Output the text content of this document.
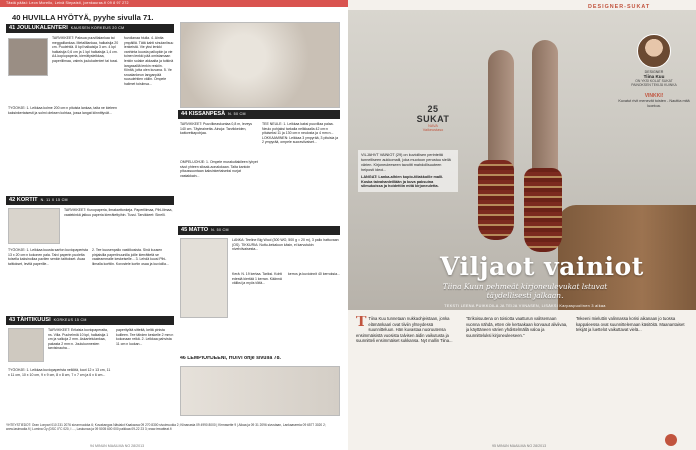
Tästä pääsi: Leon Morello, Leivä Siepaisti, joenkauras.fi 09 8 97 272
40 HUVILLA HYÖTYÄ, pyyhe sivulla 71.
41 JOULUKALENTERI KAUSSEN KORKEUS 20 CM
TARVIKKEET: Paksua puuvillalankaa tai meggaillankaa. Metallilankaa, halkaisija 20 cm. Puulehtiä. 8 kpl halkaisija 3 cm. 4 kpl halkaisija 0,6 cm ja 1 kpl halkaisija 1,4 cm. A4-kopiopaperia, kierrätysleikkaa, paperiliimaa, valmis joulukalenteri tai tussi.
TYÖOHJE: 1. Leikkaa kolme 200 cm:n pituista lankaa, taita ne kieleen kaksinkertaisesti ja solmi oleksen kohtaa, jossa langat kiinnittyvät...
fuvoilanaa hiulla. 4. Ainita ympäillä. Tätä kahti sinulanlisuu lenkeistä. Vie yksi lenkki vanhinta kuusta pallopkin ja vie toinen lenkki pää omistamaan lenkin solake akkaalta ja tutkinä langasalliä lenkin reskiin. Kiinitä, jotta olen kuvana. 5. Ve snoalankeun langanpää ruusulehtien väliin. Ompele halimet toisiinsa...
44 KISSANPESÄ N. 50 CM
TARVIKKEET: Puuvilkeaskuntaa 0,8 m, leveys 140 cm. Täyteainetta. Ainoja: Tarvikkeiden, kattoretkapohjaa.
OMPELUOHJE: 1. Ompele murakultakileen lyhyet sivut yhteen siksak-aonalokaan. Taita kantoin pituussuuntaan kaksinkertaiseksi nurjat vastakkain...
TEE NEULE: 1. Leikkaa kaksi puuvillaa palaa. Neulo pohjaksi tarkalla nelikkaalla 42 cm:n pituiseksi 11 ja 130 cm:n neulosta ja 4 mm:n... LOKKAAMINEN: Leikkaa 3 ympyrää, 3 pituisia ja 2 ympyrää, ompele suoraviivaiset...
42 KORTIT N. 11 X 15 CM
TARVIKKEET: Kuvopaperia, ilmakarttonkeja. Paperiliimaa, Pihl-liimaa, vaatekinkä jatkuu paperia kierrätettyihin. Tussi. Tarvikkeet: Sinelli.
TYÖOHJE: 1. Leikkaa kuusta sarfon kuviopaperista 13 x 20 cm:n kokonen pala. Taivi paperin puolelta toisella kaksinollaa pavilen senkin taittokset. Avaa taittokset, levitä paperille...
2. Tee kuusenpallo vastiikosista. Sinä kuusen pinjaisilla paperiinuunilla joille kierrättetä se vaaleammalle keskeiselle... 3. Lehdä kuusi Pihi-liimalla korttiin. Korostele kortin osaa ja kuvioilla...
45 MATTO N. 50 CM
LANKA: Teeline Big Wool (300 WO, 500 g = 20 m), 3 pallo hattuvaan (OS). TIKKURIA: Nuttu-kekaluun käsin, ei karvutukin nivelviivaisesta...
Kerä: N. 19 kertaa. Tariksi. Kohti edestä kiertää 1 kerran. Käännä väliksi ja myös töitä...
kerros ja kuvioinnit 40 kerroksia...
43 TÄHTIKUUSI KORKEUS 15 CM
TARVIKKEET: Erilaisia kuviopaperaita, ns. Villa. Puuhelmiä 10 kpl, halkaisija 1 cm ja valkoja 2 mm. Askartelulankaa, pakasta 2 mm:n. Joulukunnesten tarvisinauha...
TYÖOHJE: 1. Leikkaa kuviopaperista neliöitä, koot 12 x 13 cm, 11 x 11 cm, 10 x 10 cm, 9 x 9 cm, 8 x 8 cm, 7 x 7 cm ja 6 x 6 cm...
paperityötä sitteitä, keltä pinista kuilleen. Tee tähden keskelle 2 mm:n kokonaan reikä. 2. Leikkaa pahvista 11 cm:n luokan...
46 LEMPIOHJEENI, HUIVI ohje sivulla 78.
YHTEYSTIEDOT: Oran Lonpari 010 231 2076 sivunmuokka 6; Kuvakangas Näsialot Kaakaosa 09 270 8300 sivuimuokia 2; Kiinanasta 09 4990 8000 | Kirmasette 9 | Aikaa ja 09 31 2096 sivustaan, Lankaasemia 09 6577 3020 2; www.lasimadia.fi | Lumina Oy (DSC 0°C 020, I ..., Laskunaa ja 09 5005 600 000 paikkaa 09-22 23 3; www.imvatteat.fi
94 MINUN MAAILMA NO 28/2013
DESIGNER-SUKAT
25 SUKAT
NAVA
Vaikeustaso

VILJAHVT VAINIOT (29) on kuviollisen perinteitä tunnelliseen aukkomalli, joka muotoon perustuu siellä värien. Kirjoneuleeseen tavoitit mahdollisuuteen helposti ideoi...

LANGAT: Lanka-alhien kopio-tiliakkoille malli. Koska taivahanleillään ja kuva paksuina silmukoissa ja hoidettiin mitä kirjoneuletta.

DESIGNER
Tiina Kuu
ON YKSI KOLAT SUKAT
PAINOKSEN TEKIJÄ KUINKA
VINKKI!
Kuvatut rivit menevät toisten - Nauttia mitä luontoa.
Viljaot vainiot
Tiina Kuun pehmeät kirjoneulevukat lstuvat täydellisesti jalkaan.
TEKSTI LEENA PUIKKOILA JA TEIJA VIINASEN, LISÄKSI Karpaspuolinen 3 alkaa
T Tiina Kuu tunnetaan nukkaohjeistaan, jonka elämänkaari ovat tiiviin yhteydessä suunnitteluun. Hän kuvastaa nuoruutensa ensimmäisistä vuosista talvisen äidin vaikutusta ja suunnitteli ensimmäiset sukkansa. Nyt mallin Tiina...
"Erikoisuutena on toisiotta vaatturun valitsemaan vuonna nähdä, etten ole kertaakaan korvaaut aliviivaa, ja käyttäneen värien yhdistelmällä valoa ja suunnitteluksi kirjoneuleeseen."
Tekeeni mieluttin valinnassa korisi aikanaan jo tuossa kappaleessa ovat suunnittelemaan käsitöitä. Maanantaiset tekijät ja luettelot vaikuttavat vielä...
95 MINUN MAAILMA NO 28/2013
